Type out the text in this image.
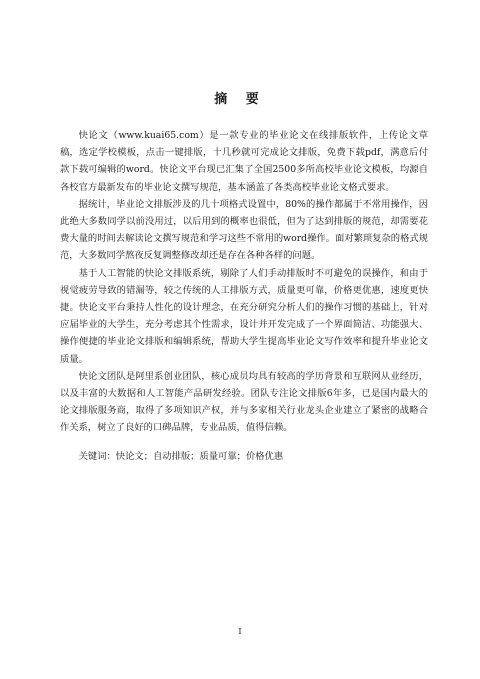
摘 要

快论文（www.kuai65.com）是一款专业的毕业论文在线排版软件，上传论文草稿，选定学校模板，点击一键排版，十几秒就可完成论文排版，免费下载pdf，满意后付款下载可编辑的word。快论文平台现已汇集了全国2500多所高校毕业论文模板，均源自各校官方最新发布的毕业论文撰写规范，基本涵盖了各类高校毕业论文格式要求。

据统计，毕业论文排版涉及的几十项格式设置中，80%的操作都属于不常用操作，因此绝大多数同学以前没用过，以后用到的概率也很低，但为了达到排版的规范，却需要花费大量的时间去解读论文撰写规范和学习这些不常用的word操作。面对繁琐复杂的格式规范，大多数同学熬夜反复调整修改却还是存在各种各样的问题。

基于人工智能的快论文排版系统，剔除了人们手动排版时不可避免的误操作，和由于视觉疲劳导致的错漏等，较之传统的人工排版方式，质量更可靠，价格更优惠，速度更快捷。快论文平台秉持人性化的设计理念，在充分研究分析人们的操作习惯的基础上，针对应届毕业的大学生，充分考虑其个性需求，设计并开发完成了一个界面简洁、功能强大、操作便捷的毕业论文排版和编辑系统，帮助大学生提高毕业论文写作效率和提升毕业论文质量。

快论文团队是阿里系创业团队，核心成员均具有较高的学历背景和互联网从业经历，以及丰富的大数据和人工智能产品研发经验。团队专注论文排版6年多，已是国内最大的论文排版服务商，取得了多项知识产权，并与多家相关行业龙头企业建立了紧密的战略合作关系，树立了良好的口碑品牌，专业品质，值得信赖。

关键词：快论文；自动排版；质量可靠；价格优惠

I
